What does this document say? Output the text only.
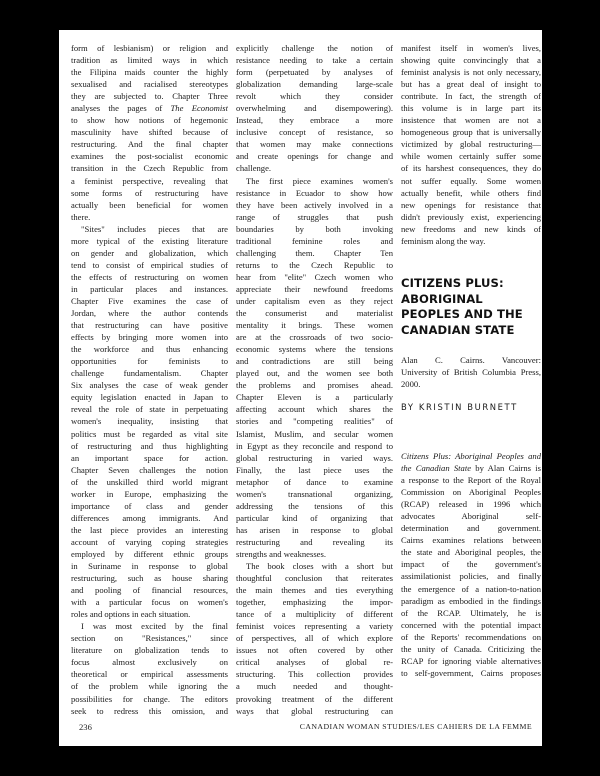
form of lesbianism) or religion and
tradition as limited ways in which
the Filipina maids counter the highly
sexualised and racialised stereotypes
they are subjected to. Chapter Three
analyses the pages of The Economist
to show how notions of hegemonic
masculinity have shifted because of
restructuring. And the final chapter
examines the post-socialist economic
transition in the Czech Republic from
a feminist perspective, revealing that
some forms of restructuring have
actually been beneficial for women
there.
"Sites" includes pieces that are
more typical of the existing literature
on gender and globalization, which
tend to consist of empirical studies of
the effects of restructuring on women
in particular places and instances.
Chapter Five examines the case of
Jordan, where the author contends
that restructuring can have positive
effects by bringing more women into
the workforce and thus enhancing
opportunities for feminists to
challenge fundamentalism. Chapter
Six analyses the case of weak gender
equity legislation enacted in Japan to
reveal the role of state in perpetuating
women's inequality, insisting that
politics must be regarded as vital site
of restructuring and thus highlighting
an important space for action.
Chapter Seven challenges the notion
of the unskilled third world migrant
worker in Europe, emphasizing the
importance of class and gender
differences among immigrants. And
the last piece provides an interesting
account of varying coping strategies
employed by different ethnic groups
in Suriname in response to global
restructuring, such as house sharing
and pooling of financial resources,
with a particular focus on women's
roles and options in each situation.
I was most excited by the final
section on "Resistances," since
literature on globalization tends to
focus almost exclusively on
theoretical or empirical assessments
of the problem while ignoring the
possibilities for change. The editors
seek to redress this omission, and
explicitly challenge the notion of
resistance needing to take a certain
form (perpetuated by analyses of
globalization demanding large-scale
revolt which they consider
overwhelming and disempowering).
Instead, they embrace a more
inclusive concept of resistance, so
that women may make connections
and create openings for change and
challenge.
The first piece examines women's
resistance in Ecuador to show how
they have been actively involved in a
range of struggles that push
boundaries by both invoking
traditional feminine roles and
challenging them. Chapter Ten
returns to the Czech Republic to
hear from "elite" Czech women who
appreciate their newfound freedoms
under capitalism even as they reject
the consumerist and materialist
mentality it brings. These women
are at the crossroads of two socio-
economic systems where the tensions
and contradictions are still being
played out, and the women see both
the problems and promises ahead.
Chapter Eleven is a particularly
affecting account which shares the
stories and "competing realities" of
Islamist, Muslim, and secular women
in Egypt as they reconcile and respond to
global restructuring in varied ways.
Finally, the last piece uses the
metaphor of dance to examine
women's transnational organizing,
addressing the tensions of this
particular kind of organizing that
has arisen in response to global
restructuring and revealing its
strengths and weaknesses.
The book closes with a short but
thoughtful conclusion that reiterates
the main themes and ties everything
together, emphasizing the impor-
tance of a multiplicity of different
feminist voices representing a variety
of perspectives, all of which explore
issues not often covered by other
critical analyses of global re-
structuring. This collection provides
a much needed and thought-
provoking treatment of the different
ways that global restructuring can
manifest itself in women's lives,
showing quite convincingly that a
feminist analysis is not only necessary,
but has a great deal of insight to
contribute. In fact, the strength of
this volume is in large part its
insistence that women are not a
homogeneous group that is universally
victimized by global restructuring—
while women certainly suffer some
of its harshest consequences, they do
not suffer equally. Some women
actually benefit, while others find
new openings for resistance that
didn't previously exist, experiencing
new freedoms and new kinds of
feminism along the way.
CITIZENS PLUS:
ABORIGINAL
PEOPLES AND THE
CANADIAN STATE
Alan C. Cairns. Vancouver:
University of British Columbia Press,
2000.
BY KRISTIN BURNETT
Citizens Plus: Aboriginal Peoples and
the Canadian State by Alan Cairns is
a response to the Report of the Royal
Commission on Aboriginal Peoples
(RCAP) released in 1996 which
advocates Aboriginal self-
determination and government.
Cairns examines relations between
the state and Aboriginal peoples, the
impact of the government's
assimilationist policies, and finally
the emergence of a nation-to-nation
paradigm as embodied in the findings
of the RCAP. Ultimately, he is
concerned with the potential impact
of the Reports' recommendations on
the unity of Canada. Criticizing the
RCAP for ignoring viable alternatives
to self-government, Cairns proposes
236	CANADIAN WOMAN STUDIES/LES CAHIERS DE LA FEMME
